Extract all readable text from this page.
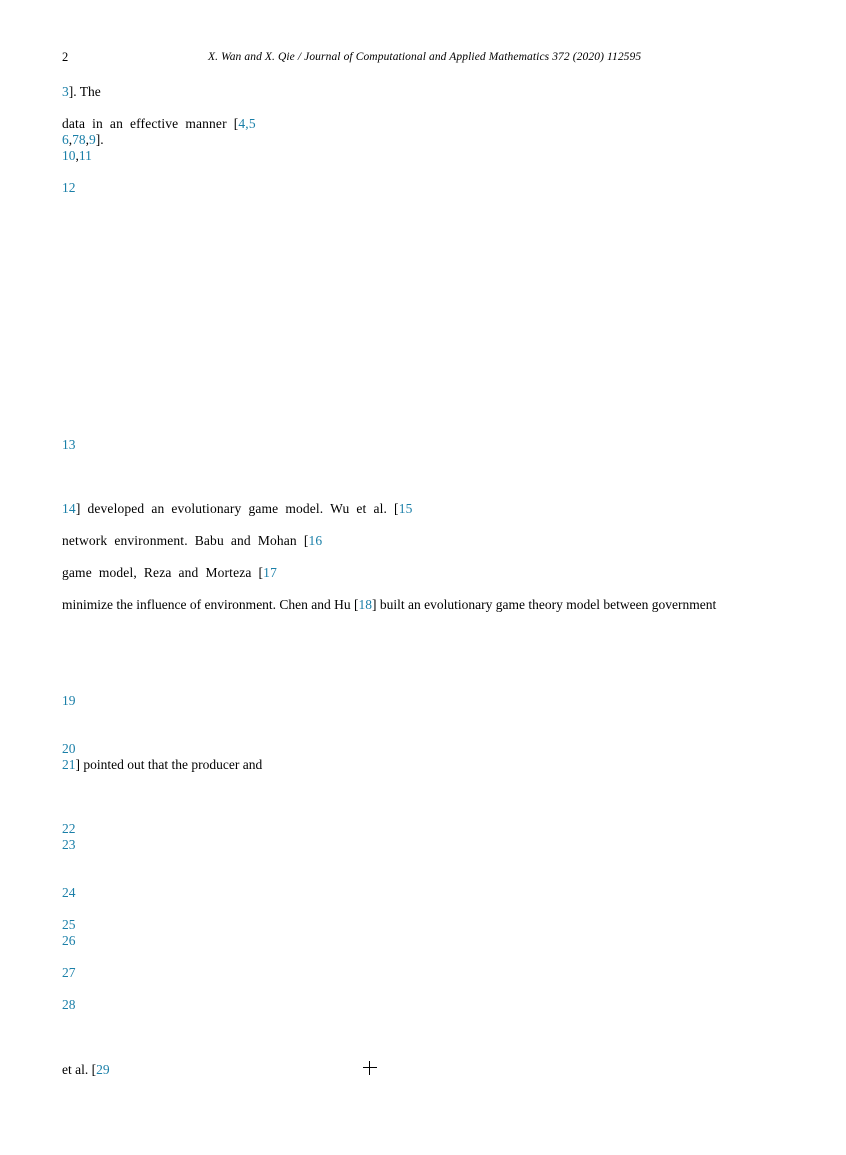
2	X. Wan and X. Qie / Journal of Computational and Applied Mathematics 372 (2020) 112595
3]. The
data in an effective manner [4,5
6,78,9].
10,11
12
13
14] developed an evolutionary game model. Wu et al. [15
network environment. Babu and Mohan [16
game model, Reza and Morteza [17
minimize the influence of environment. Chen and Hu [18] built an evolutionary game theory model between government
19
20
21] pointed out that the producer and
22
23
24
25
26
27
28
et al. [29
